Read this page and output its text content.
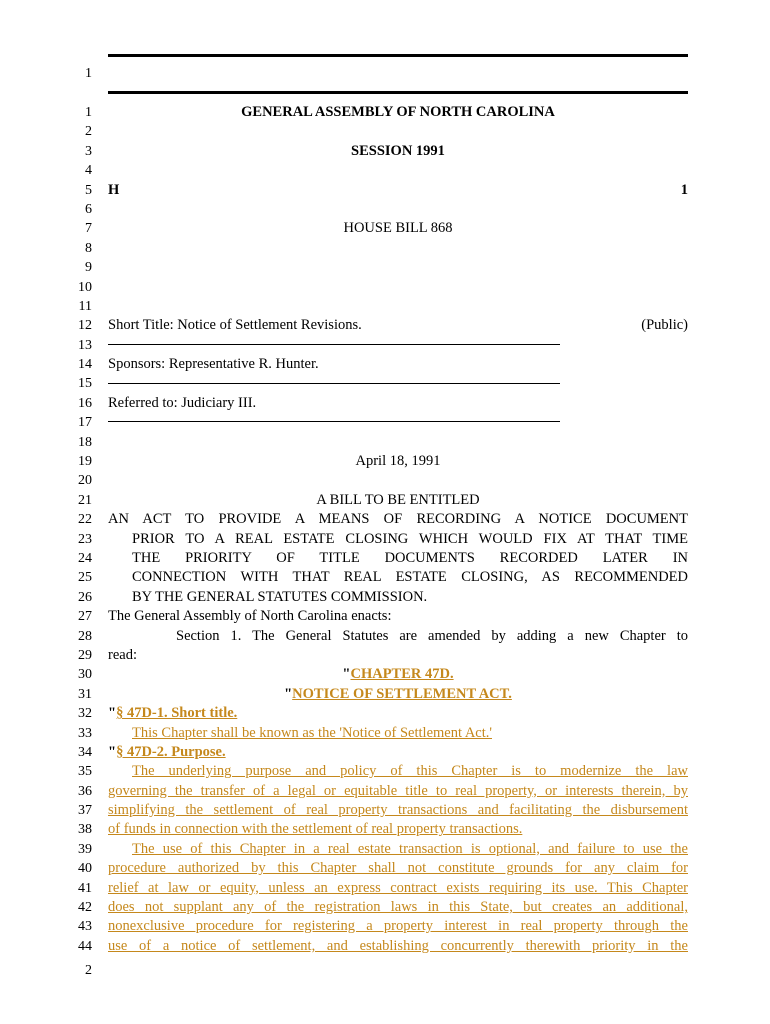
1
1	GENERAL ASSEMBLY OF NORTH CAROLINA
2
3	SESSION 1991
4
5 H	1
6
7	HOUSE BILL 868
8
9
10
11
12 Short Title: Notice of Settlement Revisions.	(Public)
13
14 Sponsors: Representative R. Hunter.
15
16 Referred to: Judiciary III.
17
18
19	April 18, 1991
20
21	A BILL TO BE ENTITLED
22 AN ACT TO PROVIDE A MEANS OF RECORDING A NOTICE DOCUMENT
23	PRIOR TO A REAL ESTATE CLOSING WHICH WOULD FIX AT THAT TIME
24	THE PRIORITY OF TITLE DOCUMENTS RECORDED LATER IN
25	CONNECTION WITH THAT REAL ESTATE CLOSING, AS RECOMMENDED
26	BY THE GENERAL STATUTES COMMISSION.
27 The General Assembly of North Carolina enacts:
28	Section 1. The General Statutes are amended by adding a new Chapter to
29 read:
30	"CHAPTER 47D.
31	"NOTICE OF SETTLEMENT ACT.
32 "§ 47D-1. Short title.
33	This Chapter shall be known as the 'Notice of Settlement Act.'
34 "§ 47D-2. Purpose.
35	The underlying purpose and policy of this Chapter is to modernize the law
36 governing the transfer of a legal or equitable title to real property, or interests therein, by
37 simplifying the settlement of real property transactions and facilitating the disbursement
38 of funds in connection with the settlement of real property transactions.
39	The use of this Chapter in a real estate transaction is optional, and failure to use the
40 procedure authorized by this Chapter shall not constitute grounds for any claim for
41 relief at law or equity, unless an express contract exists requiring its use. This Chapter
42 does not supplant any of the registration laws in this State, but creates an additional,
43 nonexclusive procedure for registering a property interest in real property through the
44 use of a notice of settlement, and establishing concurrently therewith priority in the
2
